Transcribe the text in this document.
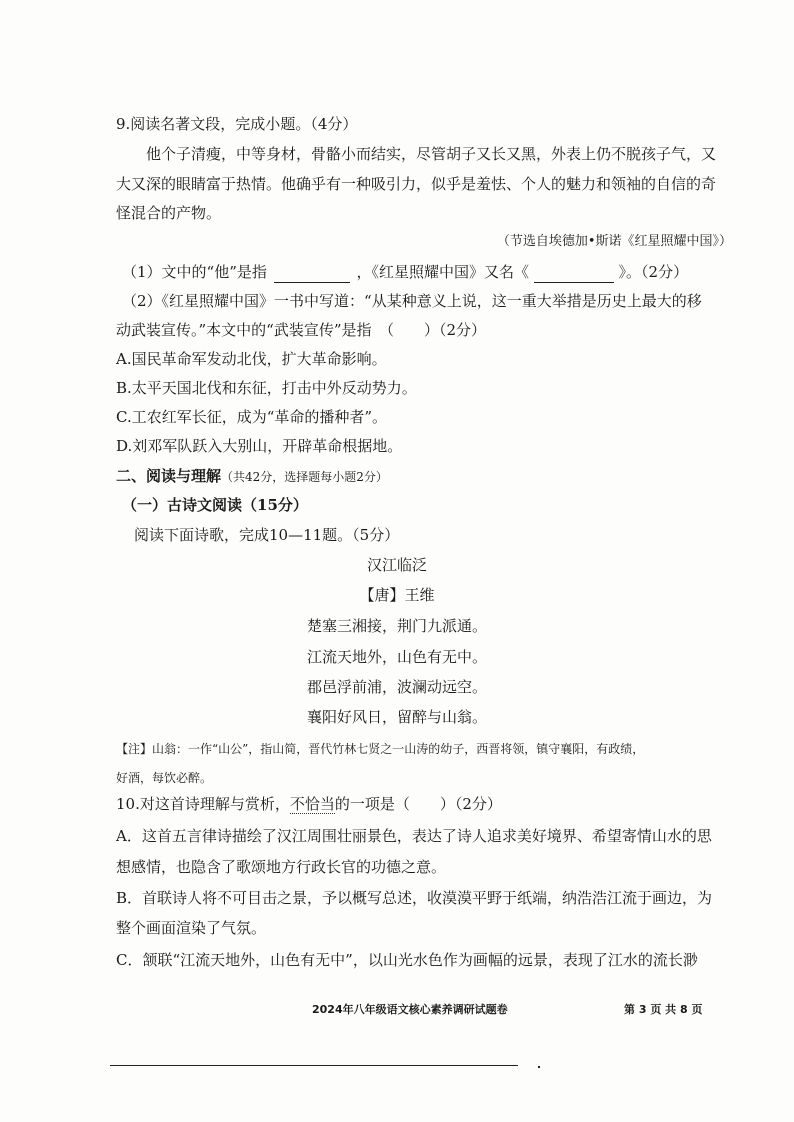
9.阅读名著文段，完成小题。（4分）
他个子清瘦，中等身材，骨骼小而结实，尽管胡子又长又黑，外表上仍不脱孩子气，又
大又深的眼睛富于热情。他确乎有一种吸引力，似乎是羞怯、个人的魅力和领袖的自信的奇
怪混合的产物。
（节选自埃德加•斯诺《红星照耀中国》）
（1）文中的“他”是指	，《红星照耀中国》又名《	》。（2分）
（2）《红星照耀中国》一书中写道：“从某种意义上说，这一重大举措是历史上最大的移
动武装宣传。”本文中的“武装宣传”是指　（　　）（2分）
A.国民革命军发动北伐，扩大革命影响。
B.太平天国北伐和东征，打击中外反动势力。
C.工农红军长征，成为“革命的播种者”。
D.刘邓军队跃入大别山，开辟革命根据地。
二、阅读与理解（共42分，选择题每小题2分）
（一）古诗文阅读（15分）
阅读下面诗歌，完成10—11题。（5分）
汉江临泛
【唐】王维
楚塞三湘接，荆门九派通。
江流天地外，山色有无中。
郡邑浮前浦，波澜动远空。
襄阳好风日，留醉与山翁。
【注】山翁：一作“山公”，指山简，晋代竹林七贤之一山涛的幼子，西晋将领，镇守襄阳，有政绩，
好酒，每饮必醉。
10.对这首诗理解与赏析，不恰当的一项是（　　）（2分）
A．这首五言律诗描绘了汉江周围壮丽景色，表达了诗人追求美好境界、希望寄情山水的思
想感情，也隐含了歌颂地方行政长官的功德之意。
B．首联诗人将不可目击之景，予以概写总述，收漠漠平野于纸端，纳浩浩江流于画边，为
整个画面渲染了气氛。
C．颔联“江流天地外，山色有无中”，以山光水色作为画幅的远景，表现了江水的流长渺
2024年八年级语文核心素养调研试题卷	第 3 页 共 8 页
